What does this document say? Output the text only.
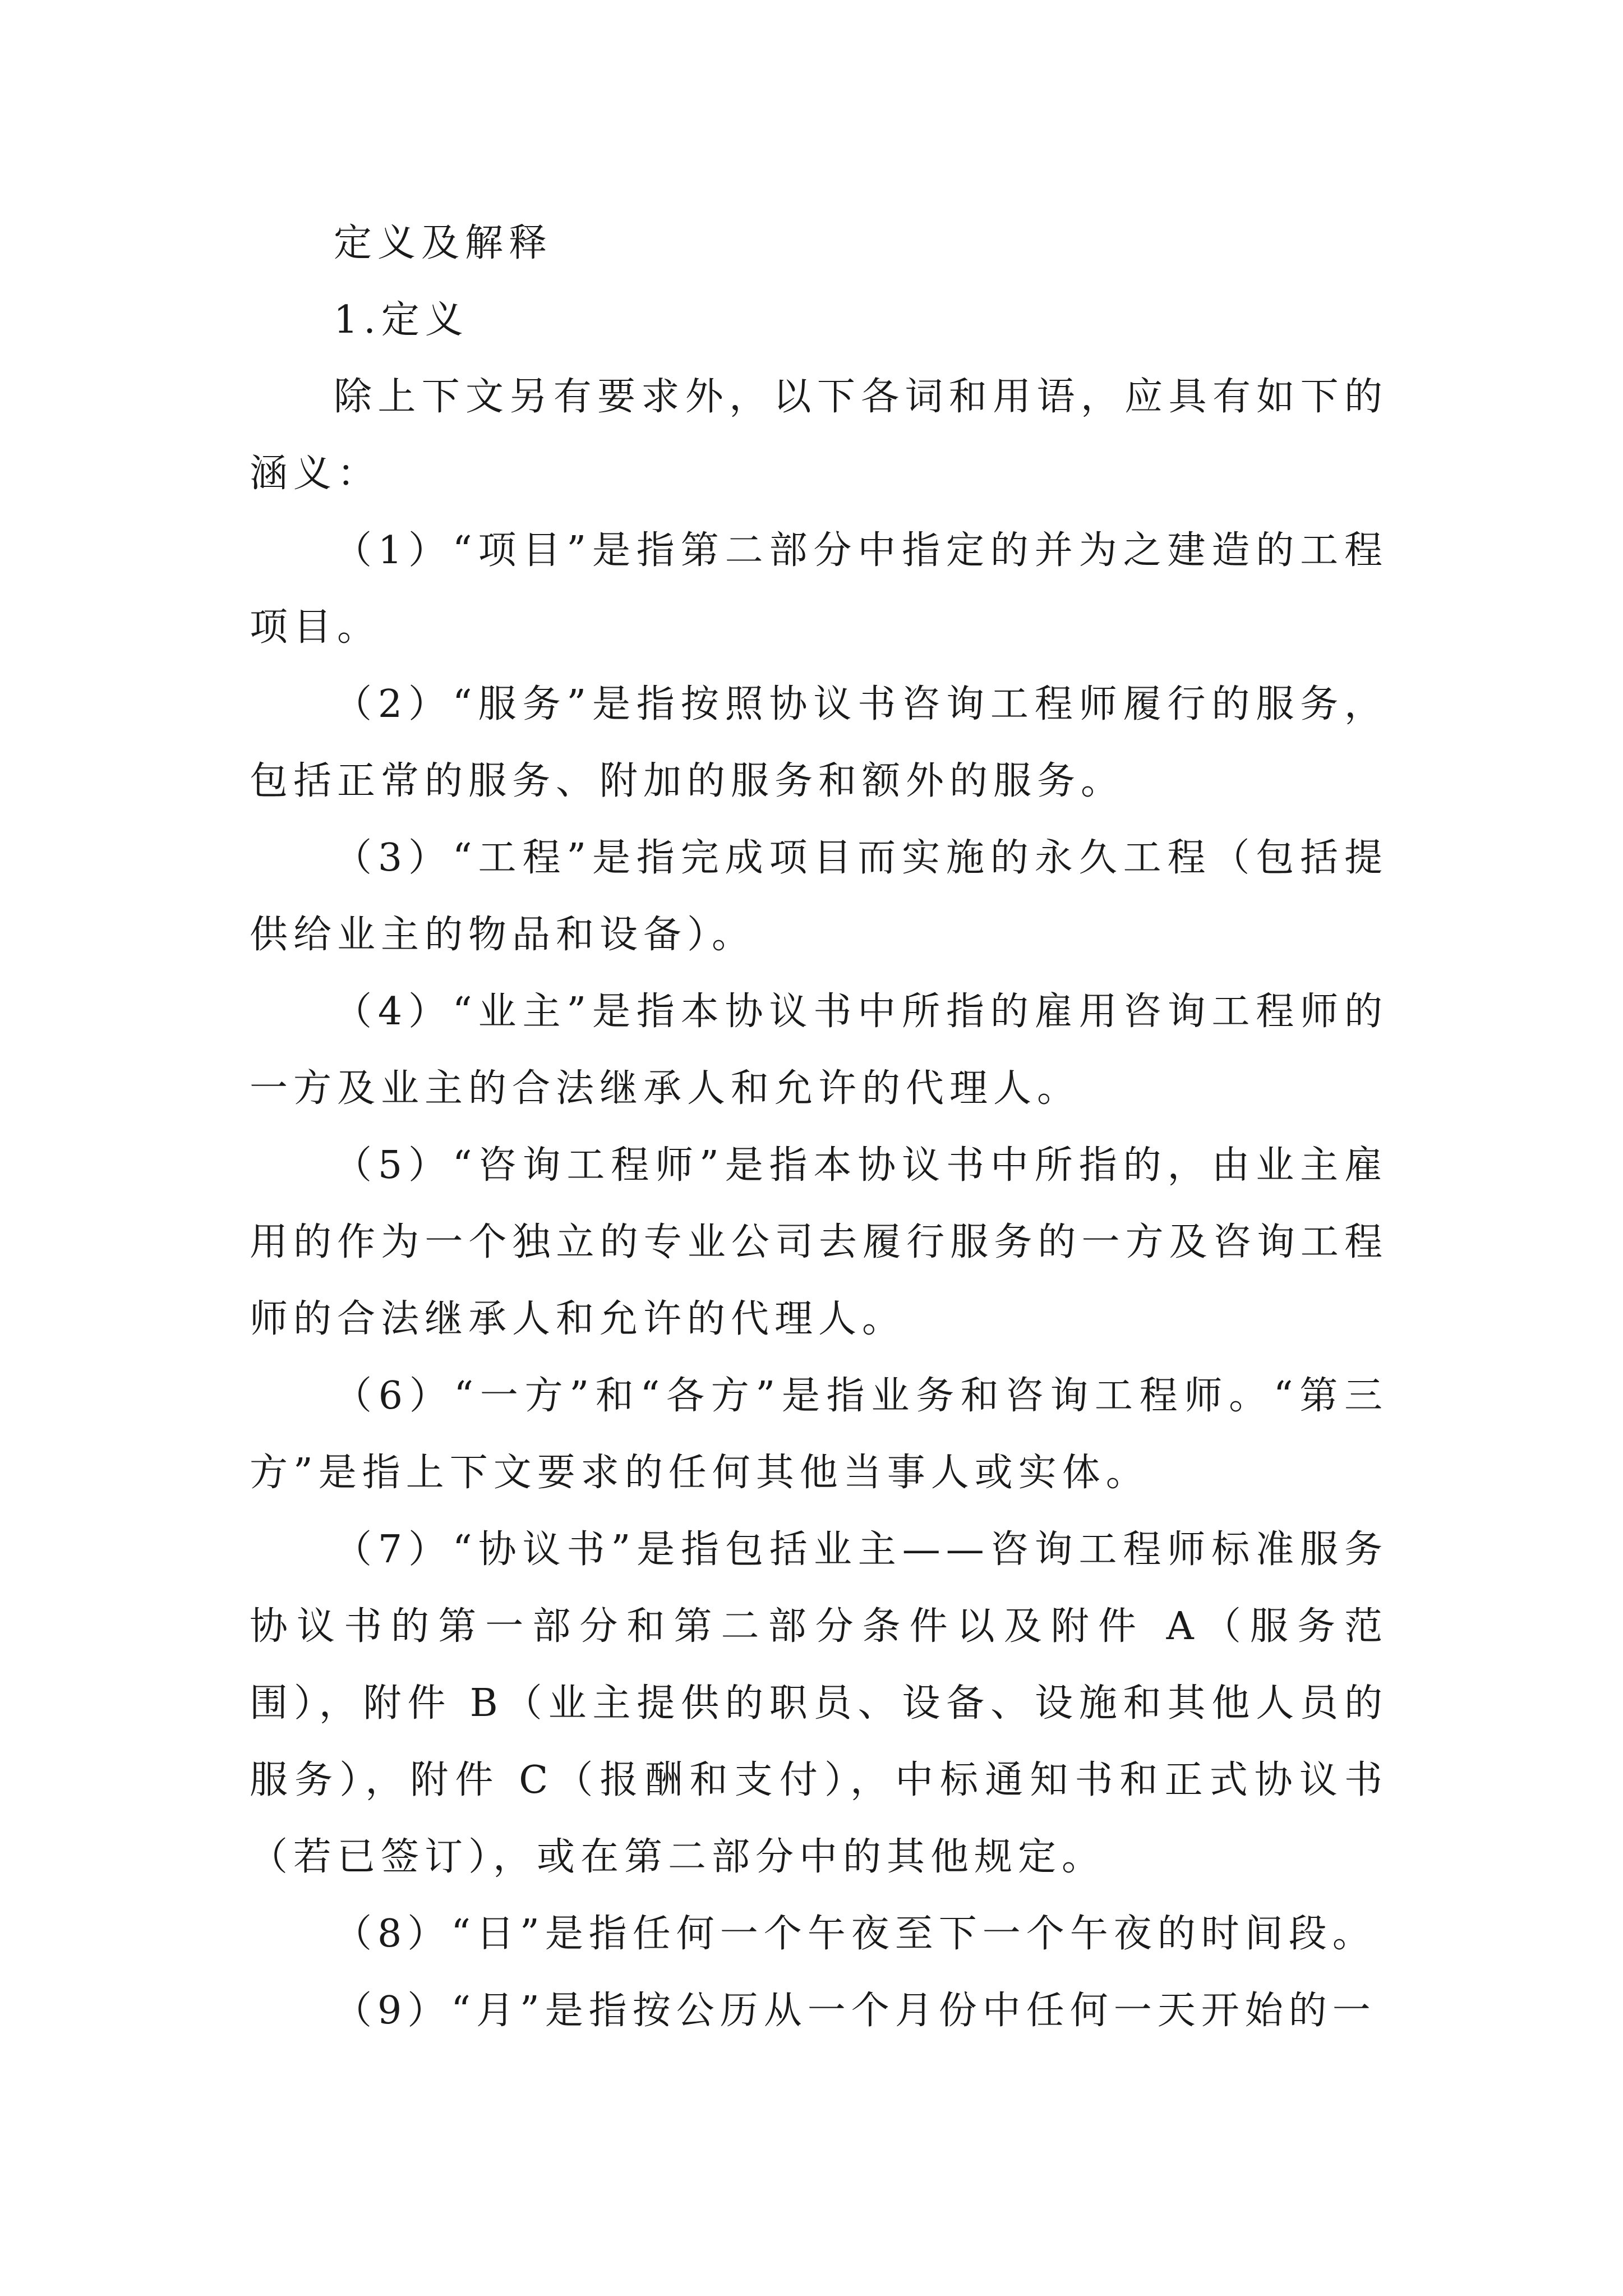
定义及解释

1.定义

除上下文另有要求外，以下各词和用语，应具有如下的涵义：

（1）“项目”是指第二部分中指定的并为之建造的工程项目。

（2）“服务”是指按照协议书咨询工程师履行的服务，包括正常的服务、附加的服务和额外的服务。

（3）“工程”是指完成项目而实施的永久工程（包括提供给业主的物品和设备）。

（4）“业主”是指本协议书中所指的雇用咨询工程师的一方及业主的合法继承人和允许的代理人。

（5）“咨询工程师”是指本协议书中所指的，由业主雇用的作为一个独立的专业公司去履行服务的一方及咨询工程师的合法继承人和允许的代理人。

（6）“一方”和“各方”是指业务和咨询工程师。“第三方”是指上下文要求的任何其他当事人或实体。

（7）“协议书”是指包括业主——咨询工程师标准服务协议书的第一部分和第二部分条件以及附件 A（服务范围），附件 B（业主提供的职员、设备、设施和其他人员的服务），附件 C（报酬和支付），中标通知书和正式协议书（若已签订），或在第二部分中的其他规定。

（8）“日”是指任何一个午夜至下一个午夜的时间段。

（9）“月”是指按公历从一个月份中任何一天开始的一
